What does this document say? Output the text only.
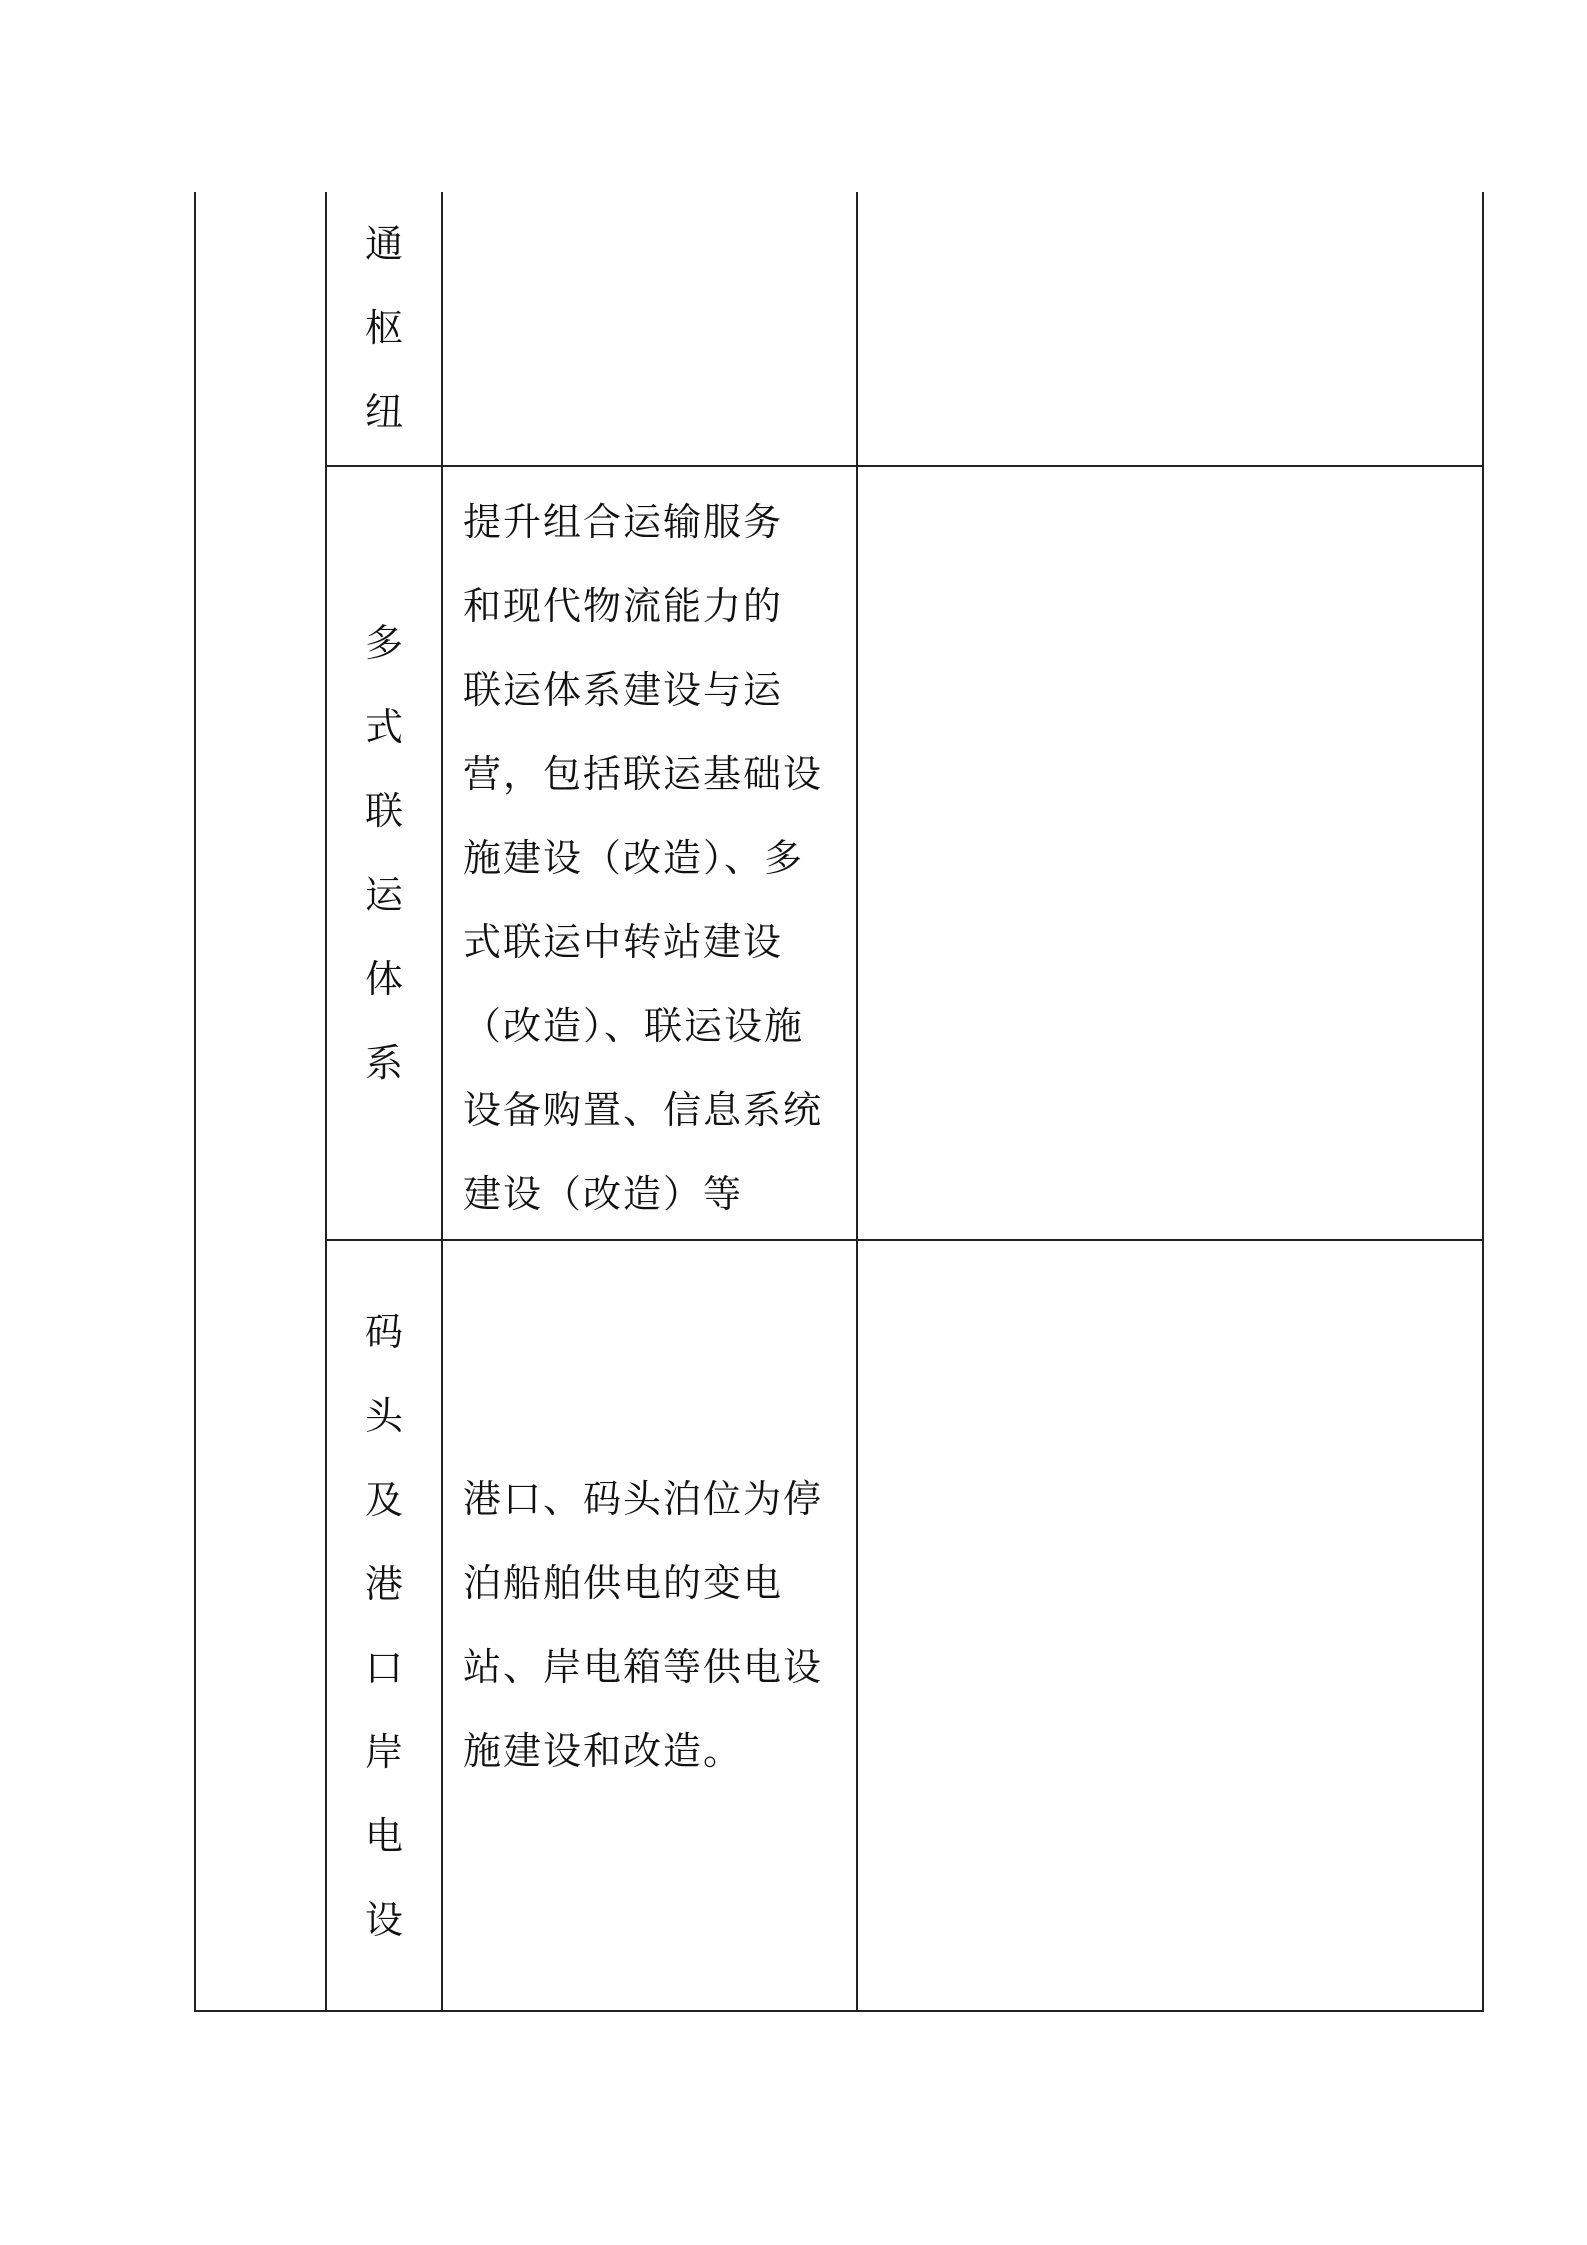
通
枢
纽
多
式
联
运
体
系
提升组合运输服务
和现代物流能力的
联运体系建设与运
营，包括联运基础设
施建设（改造）、多
式联运中转站建设
（改造）、联运设施
设备购置、信息系统
建设（改造）等
码
头
及
港
口
岸
电
设
港口、码头泊位为停
泊船舶供电的变电
站、岸电箱等供电设
施建设和改造。
